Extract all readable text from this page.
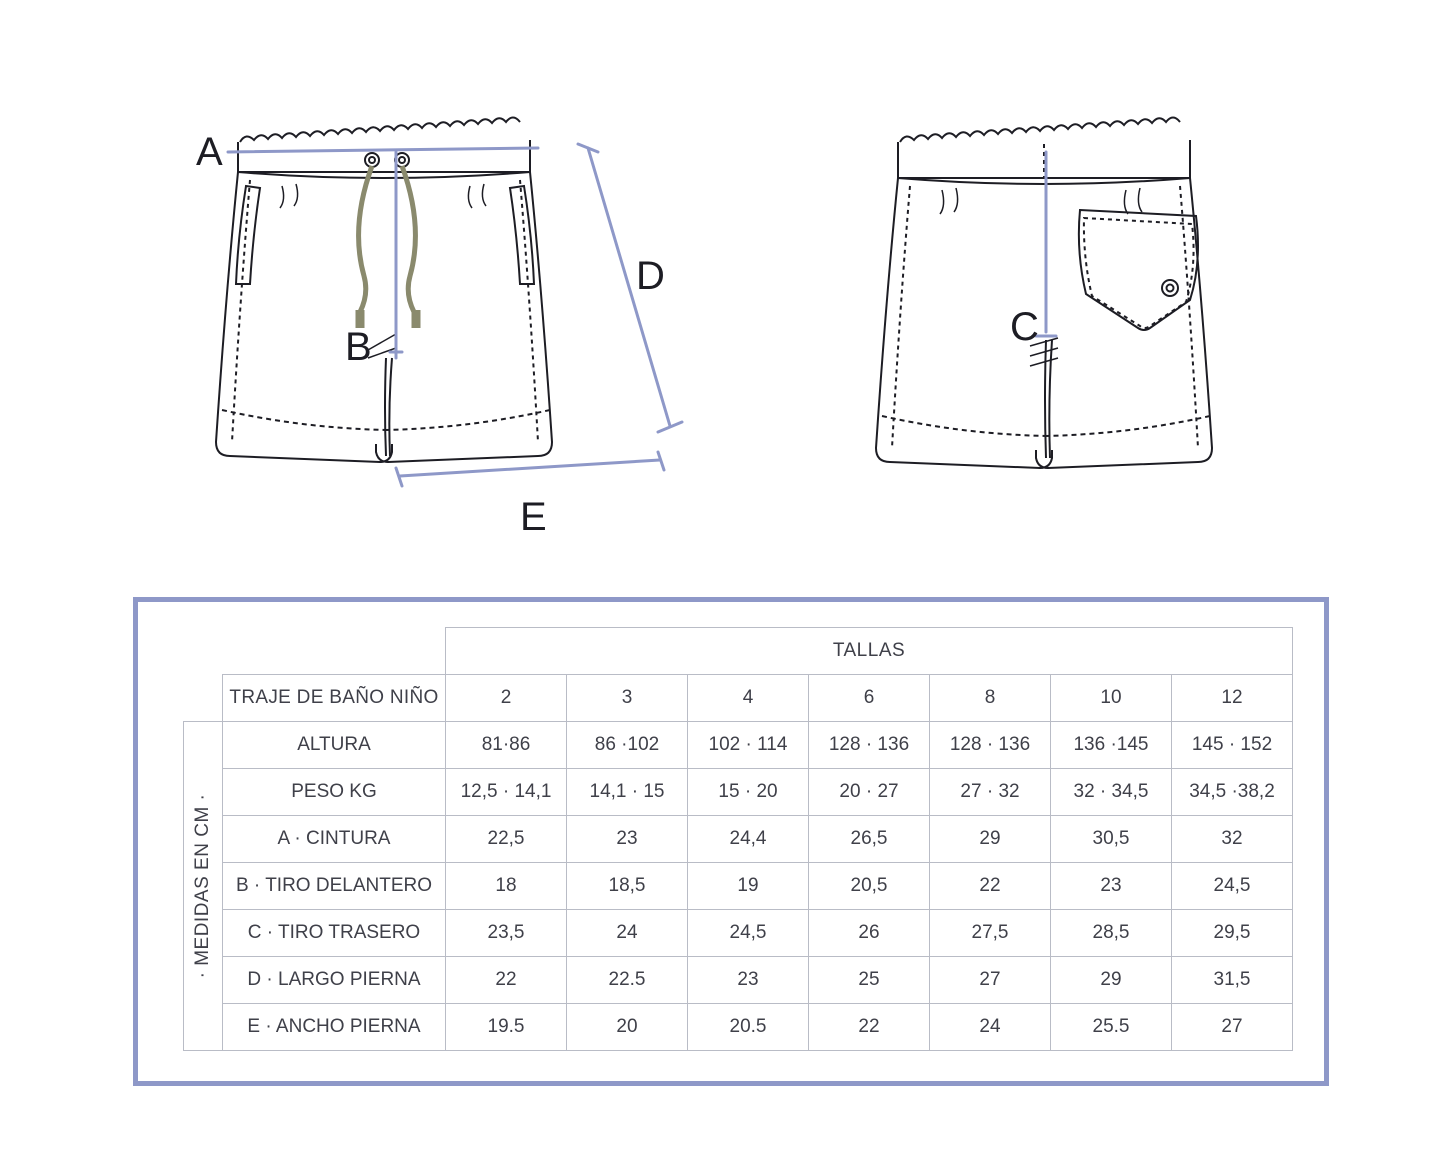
A
B
D
E
C
		TALLAS						
	TRAJE DE BAÑO NIÑO	2	3	4	6	8	10	12

· MEDIDAS EN CM ·	ALTURA	81·86	86 ·102	102 · 114	128 · 136	128 · 136	136 ·145	145 · 152
	PESO KG	12,5 · 14,1	14,1 · 15	15 · 20	20 · 27	27 · 32	32 · 34,5	34,5 ·38,2
	A · CINTURA	22,5	23	24,4	26,5	29	30,5	32
	B · TIRO DELANTERO	18	18,5	19	20,5	22	23	24,5
	C · TIRO TRASERO	23,5	24	24,5	26	27,5	28,5	29,5
	D · LARGO PIERNA	22	22.5	23	25	27	29	31,5
	E · ANCHO PIERNA	19.5	20	20.5	22	24	25.5	27
